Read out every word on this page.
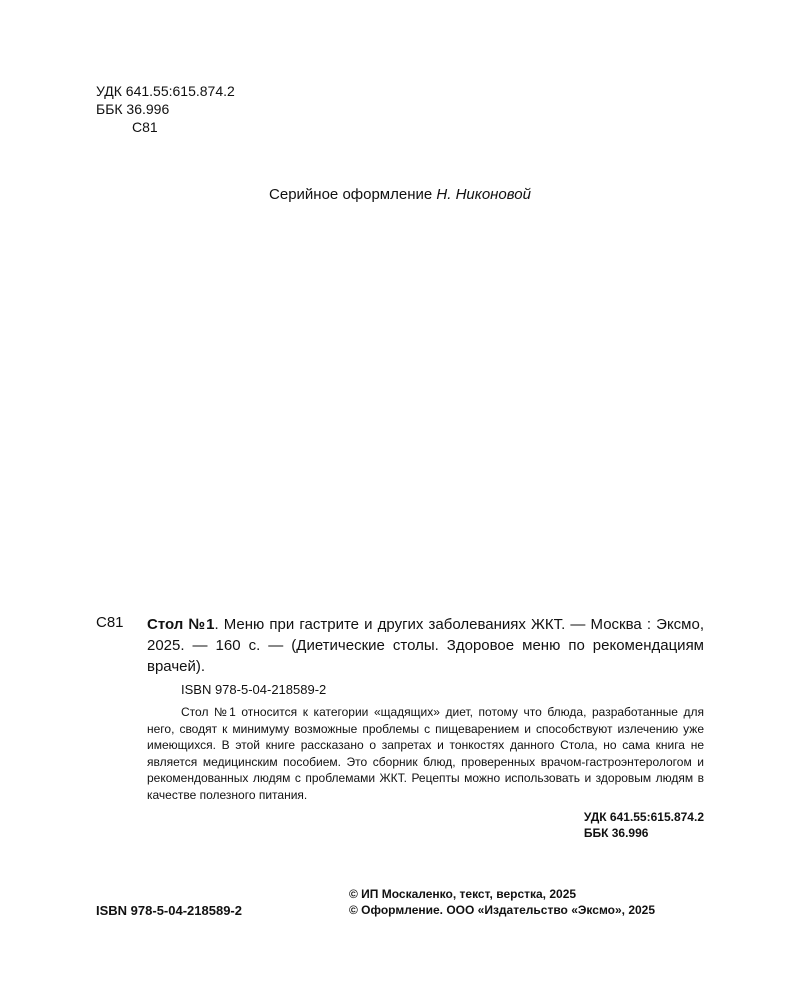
УДК 641.55:615.874.2
ББК 36.996
С81
Серийное оформление Н. Никоновой
С81 Стол №1. Меню при гастрите и других заболеваниях ЖКТ. — Москва : Эксмо, 2025. — 160 с. — (Диетические столы. Здоровое меню по рекомендациям врачей).
ISBN 978-5-04-218589-2
Стол №1 относится к категории «щадящих» диет, потому что блюда, разработанные для него, сводят к минимуму возможные проблемы с пищеварением и способствуют излечению уже имеющихся. В этой книге рассказано о запретах и тонкостях данного Стола, но сама книга не является медицинским пособием. Это сборник блюд, проверенных врачом-гастроэнтерологом и рекомендованных людям с проблемами ЖКТ. Рецепты можно использовать и здоровым людям в качестве полезного питания.
УДК 641.55:615.874.2
ББК 36.996
ISBN 978-5-04-218589-2
© ИП Москаленко, текст, верстка, 2025
© Оформление. ООО «Издательство «Эксмо», 2025
